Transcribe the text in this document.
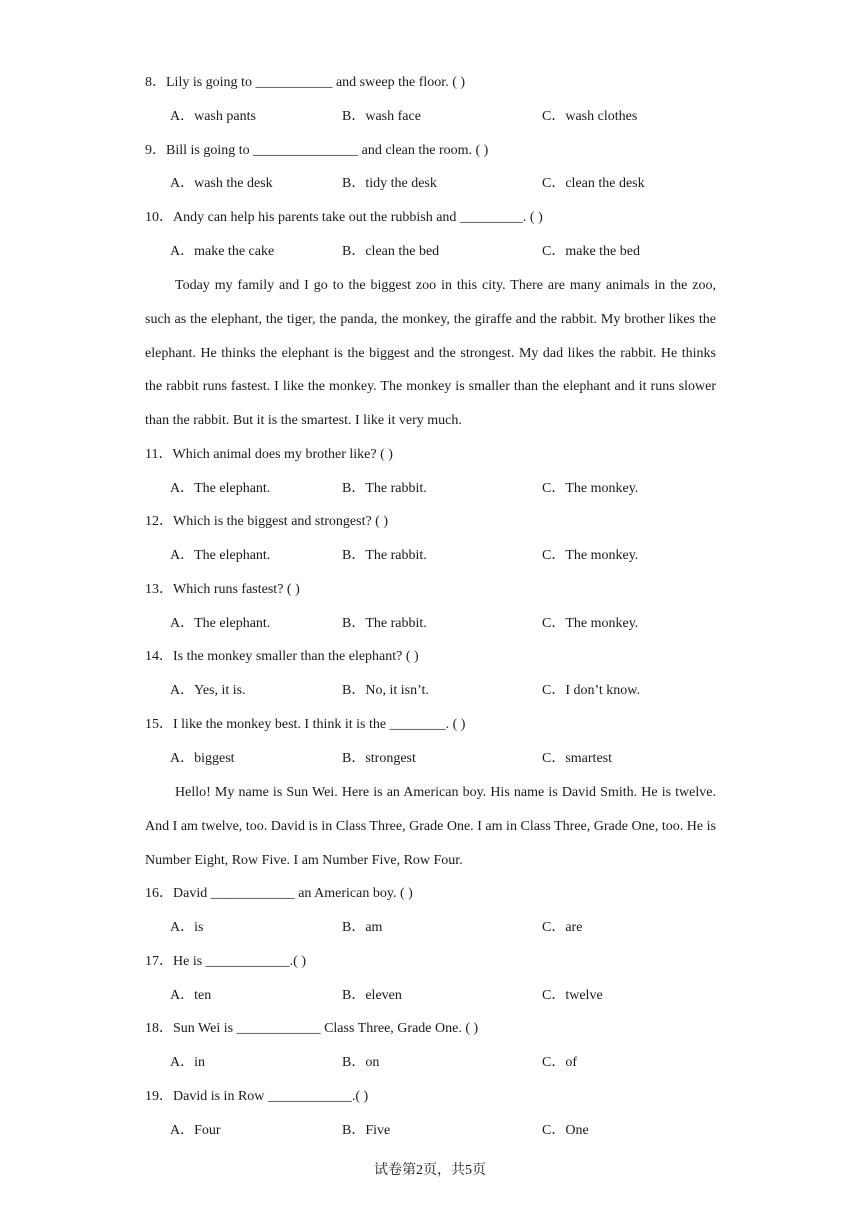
8．Lily is going to ___________ and sweep the floor. ( )
A．wash pants	B．wash face	C．wash clothes
9．Bill is going to _______________ and clean the room. ( )
A．wash the desk	B．tidy the desk	C．clean the desk
10．Andy can help his parents take out the rubbish and _________. ( )
A．make the cake	B．clean the bed	C．make the bed

Today my family and I go to the biggest zoo in this city. There are many animals in the zoo, such as the elephant, the tiger, the panda, the monkey, the giraffe and the rabbit. My brother likes the elephant. He thinks the elephant is the biggest and the strongest. My dad likes the rabbit. He thinks the rabbit runs fastest. I like the monkey. The monkey is smaller than the elephant and it runs slower than the rabbit. But it is the smartest. I like it very much.

11．Which animal does my brother like? ( )
A．The elephant.	B．The rabbit.	C．The monkey.
12．Which is the biggest and strongest? ( )
A．The elephant.	B．The rabbit.	C．The monkey.
13．Which runs fastest? ( )
A．The elephant.	B．The rabbit.	C．The monkey.
14．Is the monkey smaller than the elephant? ( )
A．Yes, it is.	B．No, it isn’t.	C．I don’t know.
15．I like the monkey best. I think it is the ________. ( )
A．biggest	B．strongest	C．smartest

Hello! My name is Sun Wei. Here is an American boy. His name is David Smith. He is twelve. And I am twelve, too. David is in Class Three, Grade One. I am in Class Three, Grade One, too. He is Number Eight, Row Five. I am Number Five, Row Four.

16．David ____________ an American boy. ( )
A．is	B．am	C．are
17．He is ____________.( )
A．ten	B．eleven	C．twelve
18．Sun Wei is ____________ Class Three, Grade One. ( )
A．in	B．on	C．of
19．David is in Row ____________.( )
A．Four	B．Five	C．One
试卷第2页，共5页
